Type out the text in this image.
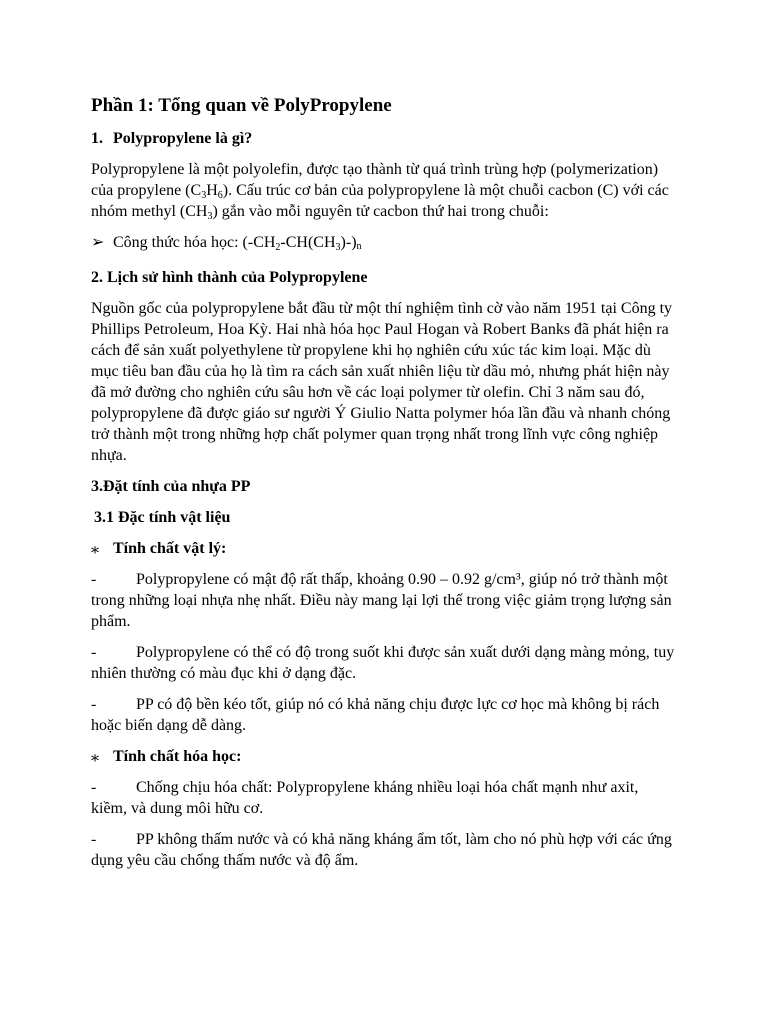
Phần 1: Tổng quan về PolyPropylene
1. Polypropylene là gì?

Polypropylene là một polyolefin, được tạo thành từ quá trình trùng hợp (polymerization) của propylene $(C_3H_6)$. Cấu trúc cơ bản của polypropylene là một chuỗi cacbon (C) với các nhóm methyl $(CH_3)$ gắn vào mỗi nguyên tử cacbon thứ hai trong chuỗi:

➢ Công thức hóa học: $(-CH_2-CH(CH_3)-)n$
2. Lịch sử hình thành của Polypropylene

Nguồn gốc của polypropylene bắt đầu từ một thí nghiệm tình cờ vào năm 1951 tại Công ty Phillips Petroleum, Hoa Kỳ. Hai nhà hóa học Paul Hogan và Robert Banks đã phát hiện ra cách để sản xuất polyethylene từ propylene khi họ nghiên cứu xúc tác kim loại. Mặc dù mục tiêu ban đầu của họ là tìm ra cách sản xuất nhiên liệu từ dầu mỏ, nhưng phát hiện này đã mở đường cho nghiên cứu sâu hơn về các loại polymer từ olefin. Chỉ 3 năm sau đó, polypropylene đã được giáo sư người Ý Giulio Natta polymer hóa lần đầu và nhanh chóng trở thành một trong những hợp chất polymer quan trọng nhất trong lĩnh vực công nghiệp nhựa.

3.Đặt tính của nhựa PP
3.1 Đặc tính vật liệu
⁎ Tính chất vật lý:

- Polypropylene có mật độ rất thấp, khoảng 0.90 – 0.92 g/cm³, giúp nó trở thành một trong những loại nhựa nhẹ nhất. Điều này mang lại lợi thế trong việc giảm trọng lượng sản phẩm.

- Polypropylene có thể có độ trong suốt khi được sản xuất dưới dạng màng mỏng, tuy nhiên thường có màu đục khi ở dạng đặc.

- PP có độ bền kéo tốt, giúp nó có khả năng chịu được lực cơ học mà không bị rách hoặc biến dạng dễ dàng.

⁎ Tính chất hóa học:

- Chống chịu hóa chất: Polypropylene kháng nhiều loại hóa chất mạnh như axit, kiềm, và dung môi hữu cơ.

- PP không thấm nước và có khả năng kháng ẩm tốt, làm cho nó phù hợp với các ứng dụng yêu cầu chống thấm nước và độ ẩm.
